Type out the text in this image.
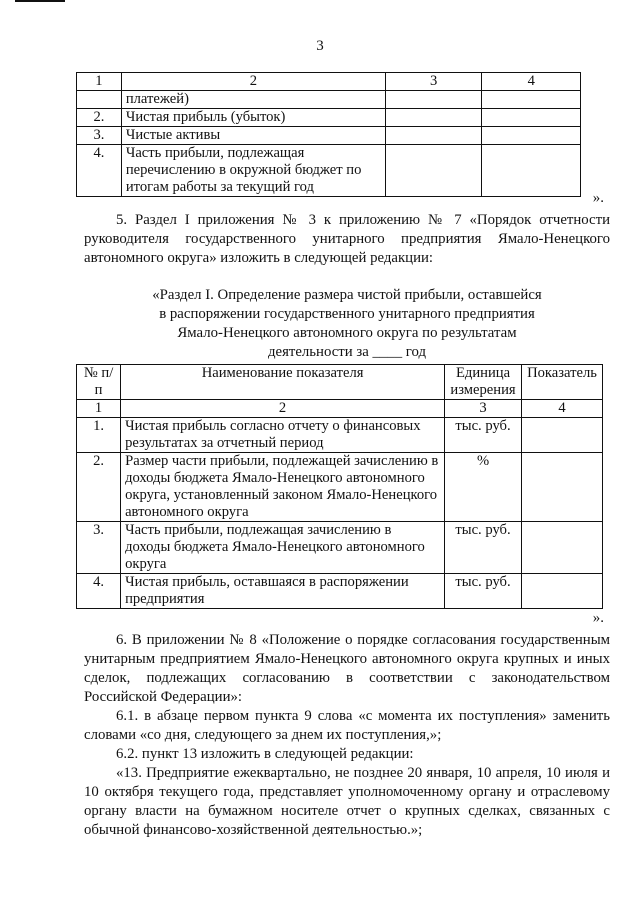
3
1	2	3	4
	платежей)		
2.	Чистая прибыль (убыток)		
3.	Чистые активы		
4.	Часть прибыли, подлежащая перечислению в окружной бюджет по итогам работы за текущий год		
».
5. Раздел I приложения № 3 к приложению № 7 «Порядок отчетности руководителя государственного унитарного предприятия Ямало-Ненецкого автономного округа» изложить в следующей редакции:
«Раздел I. Определение размера чистой прибыли, оставшейся
в распоряжении государственного унитарного предприятия
Ямало-Ненецкого автономного округа по результатам
деятельности за ____ год
№ п/п	Наименование показателя	Единица измерения	Показатель
1	2	3	4
1.	Чистая прибыль согласно отчету о финансовых результатах за отчетный период	тыс. руб.	
2.	Размер части прибыли, подлежащей зачислению в доходы бюджета Ямало-Ненецкого автономного округа, установленный законом Ямало-Ненецкого автономного округа	%	
3.	Часть прибыли, подлежащая зачислению в доходы бюджета Ямало-Ненецкого автономного округа	тыс. руб.	
4.	Чистая прибыль, оставшаяся в распоряжении предприятия	тыс. руб.	
».
6. В приложении № 8 «Положение о порядке согласования государственным унитарным предприятием Ямало-Ненецкого автономного округа крупных и иных сделок, подлежащих согласованию в соответствии с законодательством Российской Федерации»:
6.1. в абзаце первом пункта 9 слова «с момента их поступления» заменить словами «со дня, следующего за днем их поступления,»;
6.2. пункт 13 изложить в следующей редакции:
«13. Предприятие ежеквартально, не позднее 20 января, 10 апреля, 10 июля и 10 октября текущего года, представляет уполномоченному органу и отраслевому органу власти на бумажном носителе отчет о крупных сделках, связанных с обычной финансово-хозяйственной деятельностью.»;
